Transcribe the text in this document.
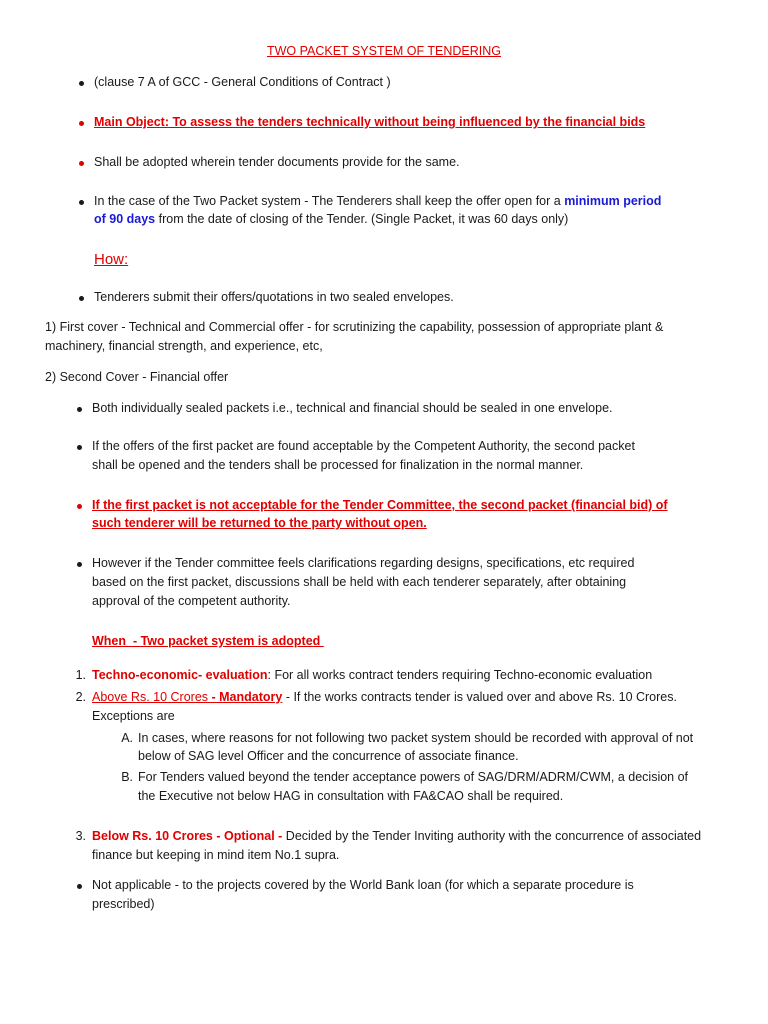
TWO PACKET SYSTEM OF TENDERING
(clause 7 A of GCC - General Conditions of Contract )
Main Object: To assess the tenders technically without being influenced by the financial bids
Shall be adopted wherein tender documents provide for the same.
In the case of the Two Packet system - The Tenderers shall keep the offer open for a minimum period
of 90 days from the date of closing of the Tender. (Single Packet, it was 60 days only)
How:
Tenderers submit their offers/quotations in two sealed envelopes.
1) First cover - Technical and Commercial offer - for scrutinizing the capability, possession of appropriate plant &
machinery, financial strength, and experience, etc,
2) Second Cover - Financial offer
Both individually sealed packets i.e., technical and financial should be sealed in one envelope.
If the offers of the first packet are found acceptable by the Competent Authority, the second packet
shall be opened and the tenders shall be processed for finalization in the normal manner.
If the first packet is not acceptable for the Tender Committee, the second packet (financial bid) of
such tenderer will be returned to the party without open.
However if the Tender committee feels clarifications regarding designs, specifications, etc required
based on the first packet, discussions shall be held with each tenderer separately, after obtaining
approval of the competent authority.
When  - Two packet system is adopted
1. Techno-economic- evaluation: For all works contract tenders requiring Techno-economic evaluation
2. Above Rs. 10 Crores - Mandatory - If the works contracts tender is valued over and above Rs. 10 Crores.
Exceptions are
A. In cases, where reasons for not following two packet system should be recorded with approval of not
below of SAG level Officer and the concurrence of associate finance.
B. For Tenders valued beyond the tender acceptance powers of SAG/DRM/ADRM/CWM, a decision of
the Executive not below HAG in consultation with FA&CAO shall be required.
3. Below Rs. 10 Crores - Optional - Decided by the Tender Inviting authority with the concurrence of associated
finance but keeping in mind item No.1 supra.
Not applicable - to the projects covered by the World Bank loan (for which a separate procedure is
prescribed)
